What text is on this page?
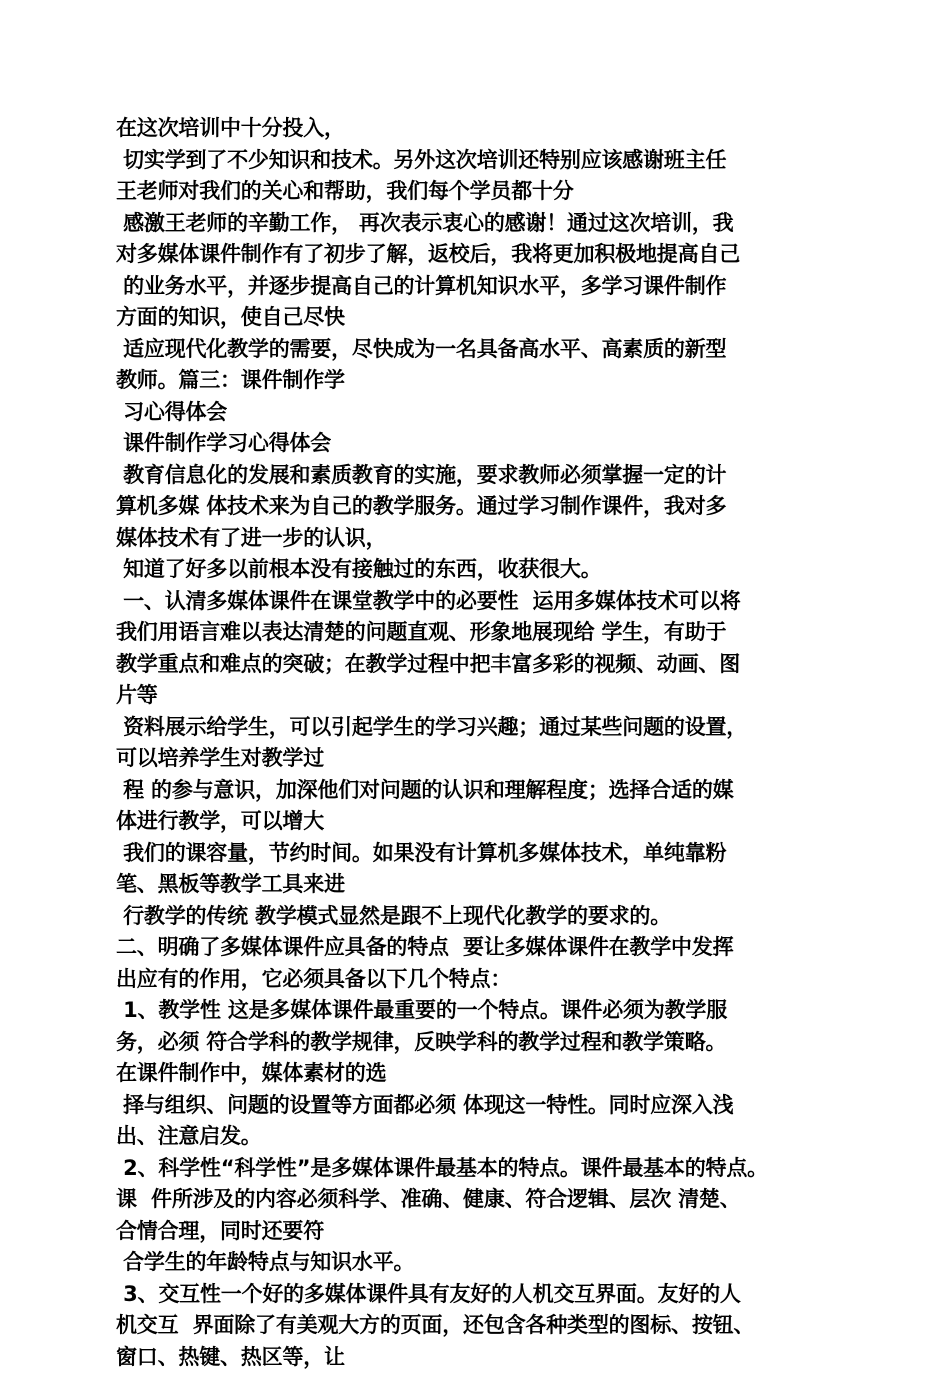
在这次培训中十分投入，
切实学到了不少知识和技术。另外这次培训还特别应该感谢班主任
王老师对我们的关心和帮助，我们每个学员都十分
感激王老师的辛勤工作， 再次表示衷心的感谢！通过这次培训，我
对多媒体课件制作有了初步了解，返校后，我将更加积极地提高自己
的业务水平，并逐步提高自己的计算机知识水平，多学习课件制作
方面的知识，使自己尽快
适应现代化教学的需要，尽快成为一名具备高水平、高素质的新型
教师。篇三：课件制作学
习心得体会
课件制作学习心得体会
教育信息化的发展和素质教育的实施，要求教师必须掌握一定的计
算机多媒 体技术来为自己的教学服务。通过学习制作课件，我对多
媒体技术有了进一步的认识，
知道了好多以前根本没有接触过的东西，收获很大。
一、认清多媒体课件在课堂教学中的必要性  运用多媒体技术可以将
我们用语言难以表达清楚的问题直观、形象地展现给 学生，有助于
教学重点和难点的突破；在教学过程中把丰富多彩的视频、动画、图
片等
资料展示给学生，可以引起学生的学习兴趣；通过某些问题的设置，
可以培养学生对教学过
程 的参与意识，加深他们对问题的认识和理解程度；选择合适的媒
体进行教学，可以增大
我们的课容量，节约时间。如果没有计算机多媒体技术，单纯靠粉
笔、黑板等教学工具来进
行教学的传统 教学模式显然是跟不上现代化教学的要求的。
二、明确了多媒体课件应具备的特点  要让多媒体课件在教学中发挥
出应有的作用，它必须具备以下几个特点：
1、教学性 这是多媒体课件最重要的一个特点。课件必须为教学服
务，必须 符合学科的教学规律，反映学科的教学过程和教学策略。
在课件制作中，媒体素材的选
择与组织、问题的设置等方面都必须 体现这一特性。同时应深入浅
出、注意启发。
2、科学性“科学性”是多媒体课件最基本的特点。课件最基本的特点。
课  件所涉及的内容必须科学、准确、健康、符合逻辑、层次 清楚、
合情合理，同时还要符
合学生的年龄特点与知识水平。
3、交互性一个好的多媒体课件具有友好的人机交互界面。友好的人
机交互  界面除了有美观大方的页面，还包含各种类型的图标、按钮、
窗口、热键、热区等，让
